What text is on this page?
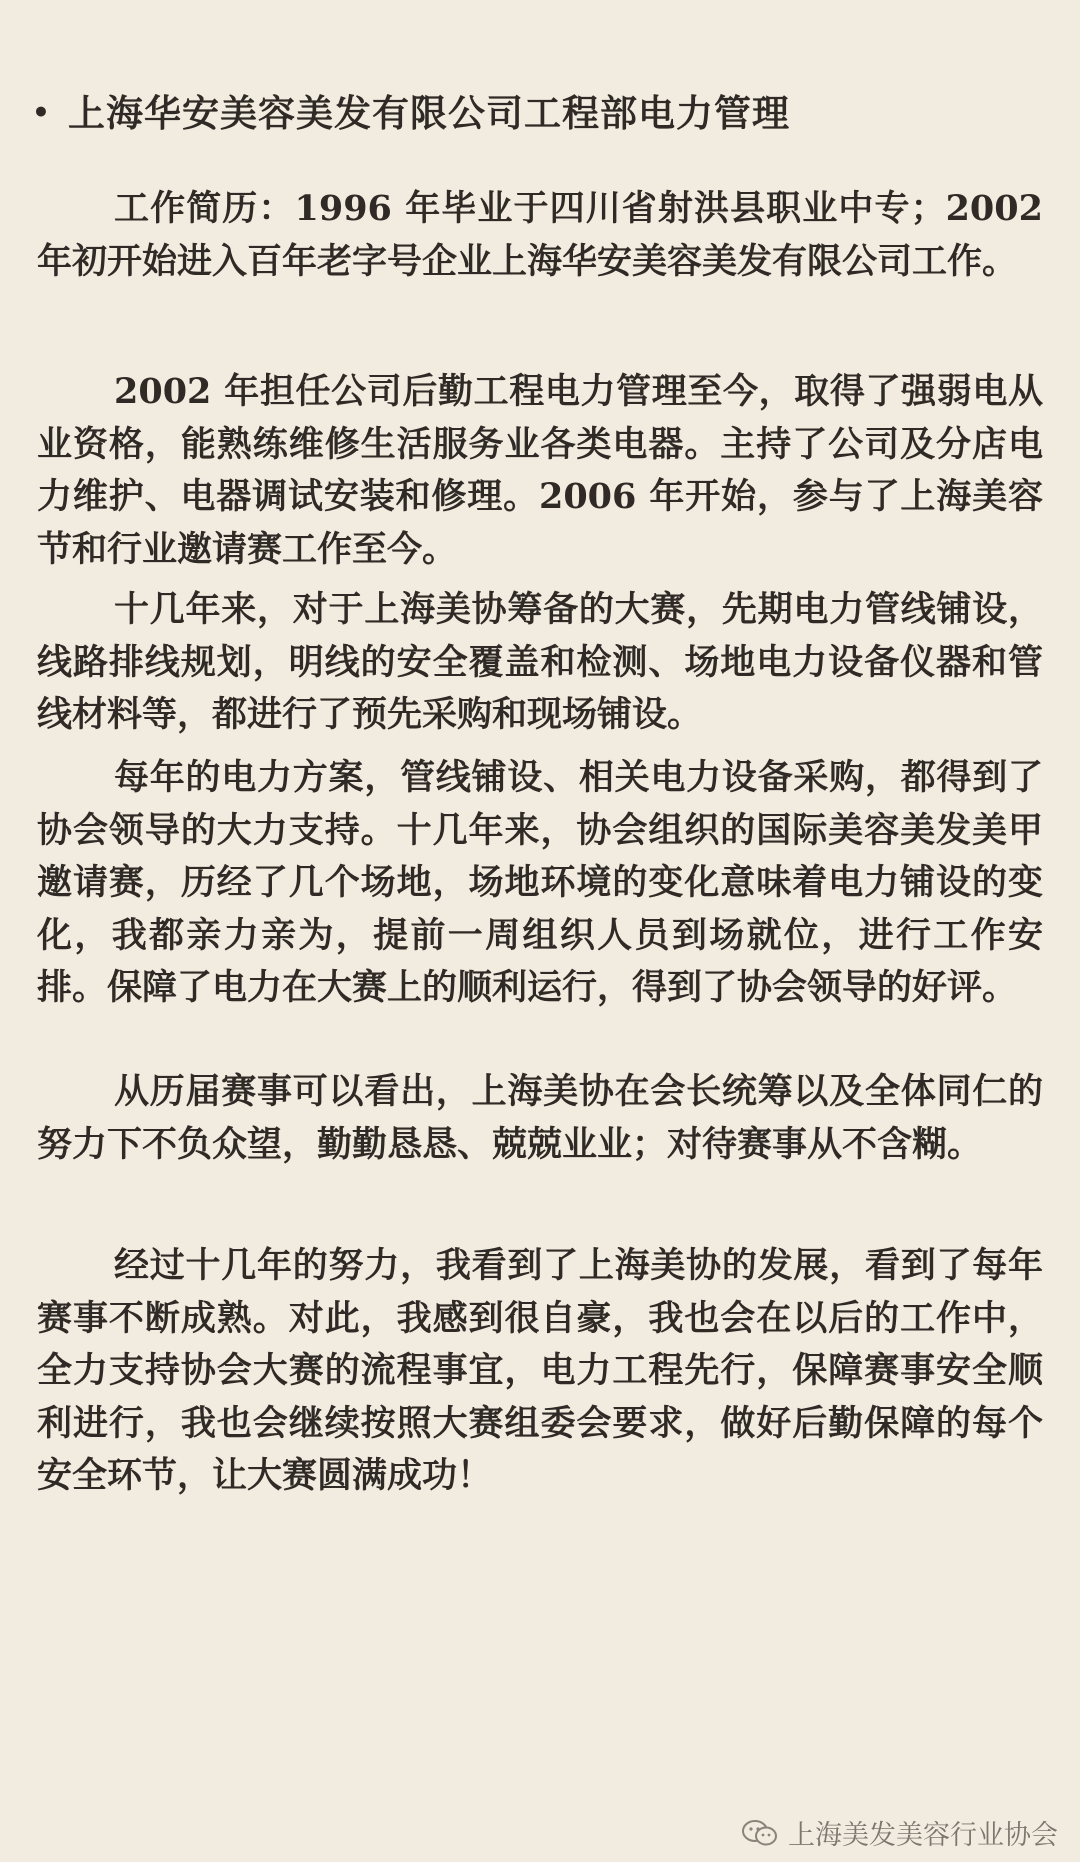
• 上海华安美容美发有限公司工程部电力管理

工作简历：1996 年毕业于四川省射洪县职业中专；2002 年初开始进入百年老字号企业上海华安美容美发有限公司工作。

2002 年担任公司后勤工程电力管理至今，取得了强弱电从业资格，能熟练维修生活服务业各类电器。主持了公司及分店电力维护、电器调试安装和修理。2006 年开始，参与了上海美容节和行业邀请赛工作至今。

十几年来，对于上海美协筹备的大赛，先期电力管线铺设，线路排线规划，明线的安全覆盖和检测、场地电力设备仪器和管线材料等，都进行了预先采购和现场铺设。

每年的电力方案，管线铺设、相关电力设备采购，都得到了协会领导的大力支持。十几年来，协会组织的国际美容美发美甲邀请赛，历经了几个场地，场地环境的变化意味着电力铺设的变化，我都亲力亲为，提前一周组织人员到场就位，进行工作安排。保障了电力在大赛上的顺利运行，得到了协会领导的好评。

从历届赛事可以看出，上海美协在会长统筹以及全体同仁的努力下不负众望，勤勤恳恳、兢兢业业；对待赛事从不含糊。

经过十几年的努力，我看到了上海美协的发展，看到了每年赛事不断成熟。对此，我感到很自豪，我也会在以后的工作中，全力支持协会大赛的流程事宜，电力工程先行，保障赛事安全顺利进行，我也会继续按照大赛组委会要求，做好后勤保障的每个安全环节，让大赛圆满成功！

上海美发美容行业协会
